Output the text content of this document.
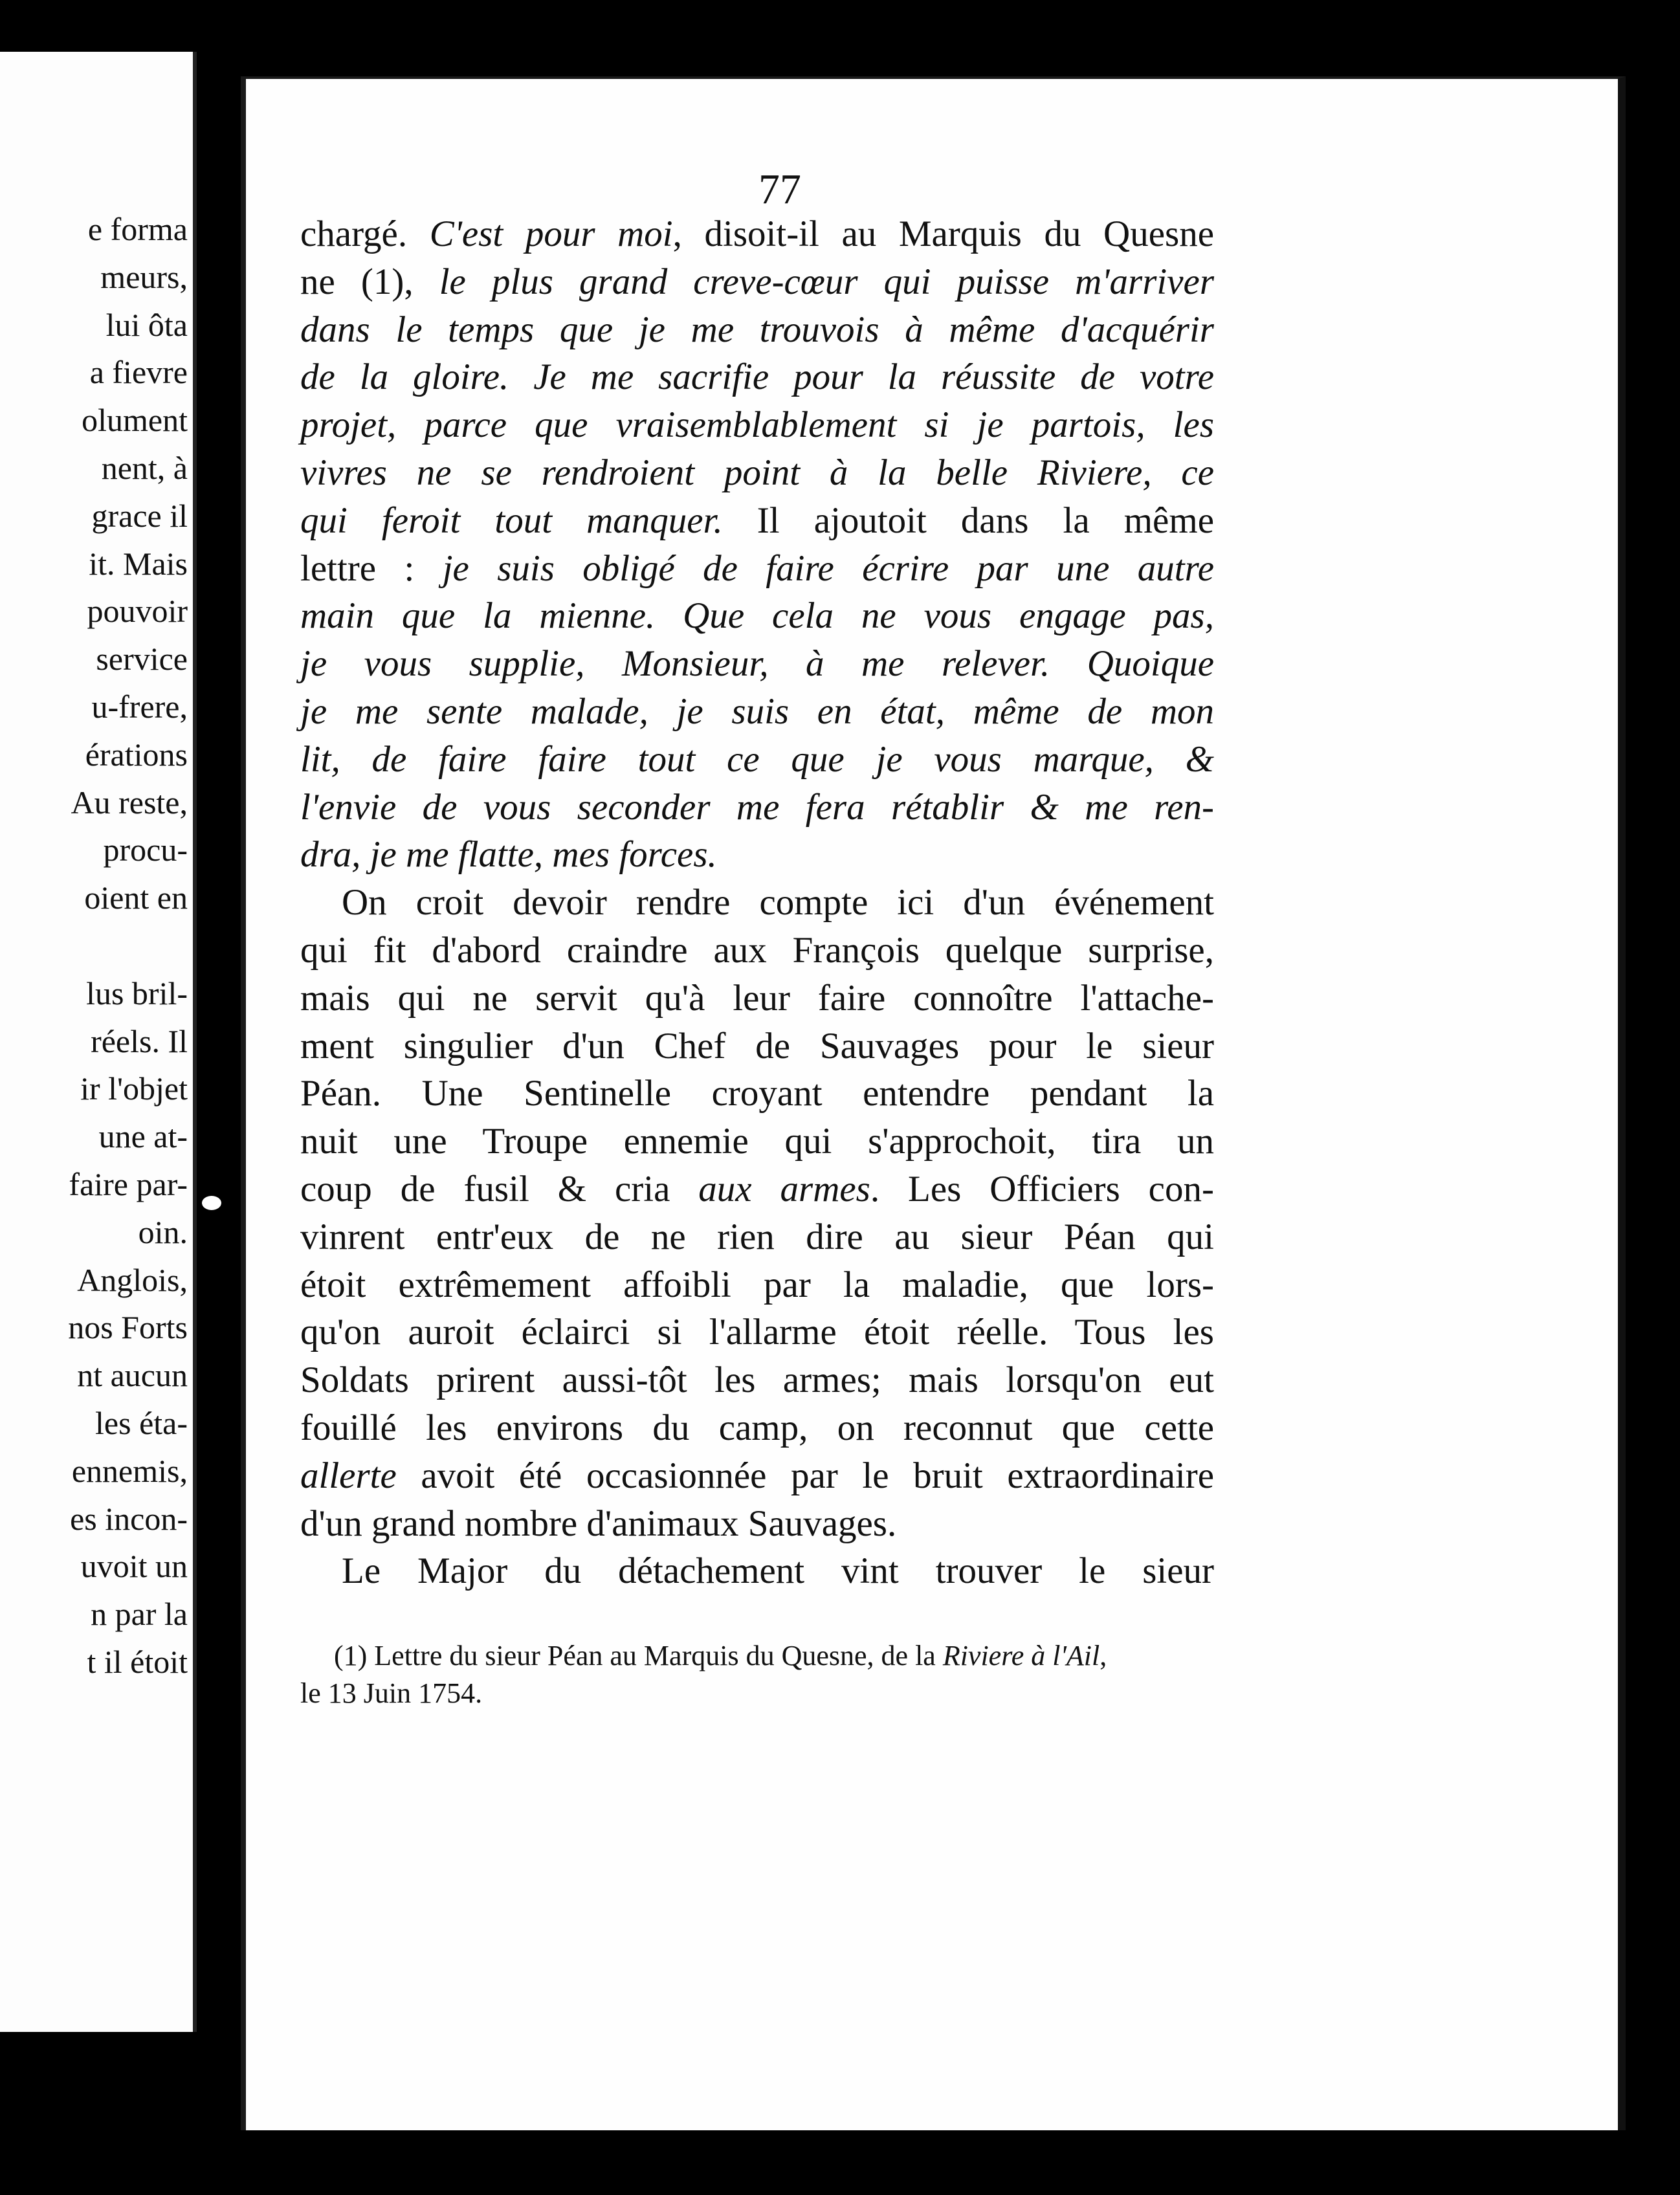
e forma
meurs,
lui ôta
a fievre
olument
nent, à
grace il
it. Mais
pouvoir
service
u-frere,
érations
Au reste,
procu-
oient en
lus bril-
réels. Il
ir l'objet
une at-
faire par-
oin.
Anglois,
nos Forts
nt aucun
les éta-
ennemis,
es incon-
uvoit un
n par la
t il étoit
77
chargé. C'est pour moi, disoit-il au Marquis du Quesne
ne (1), le plus grand creve-cœur qui puisse m'arriver
dans le temps que je me trouvois à même d'acquérir
de la gloire. Je me sacrifie pour la réussite de votre
projet, parce que vraisemblablement si je partois, les
vivres ne se rendroient point à la belle Riviere, ce
qui feroit tout manquer. Il ajoutoit dans la même
lettre : je suis obligé de faire écrire par une autre
main que la mienne. Que cela ne vous engage pas,
je vous supplie, Monsieur, à me relever. Quoique
je me sente malade, je suis en état, même de mon
lit, de faire faire tout ce que je vous marque, &
l'envie de vous seconder me fera rétablir & me ren-
dra, je me flatte, mes forces.
On croit devoir rendre compte ici d'un événement
qui fit d'abord craindre aux François quelque surprise,
mais qui ne servit qu'à leur faire connoître l'attache-
ment singulier d'un Chef de Sauvages pour le sieur
Péan. Une Sentinelle croyant entendre pendant la
nuit une Troupe ennemie qui s'approchoit, tira un
coup de fusil & cria aux armes. Les Officiers con-
vinrent entr'eux de ne rien dire au sieur Péan qui
étoit extrêmement affoibli par la maladie, que lors-
qu'on auroit éclairci si l'allarme étoit réelle. Tous les
Soldats prirent aussi-tôt les armes; mais lorsqu'on eut
fouillé les environs du camp, on reconnut que cette
allerte avoit été occasionnée par le bruit extraordinaire
d'un grand nombre d'animaux Sauvages.
Le Major du détachement vint trouver le sieur
(1) Lettre du sieur Péan au Marquis du Quesne, de la Riviere à l'Ail,
le 13 Juin 1754.
